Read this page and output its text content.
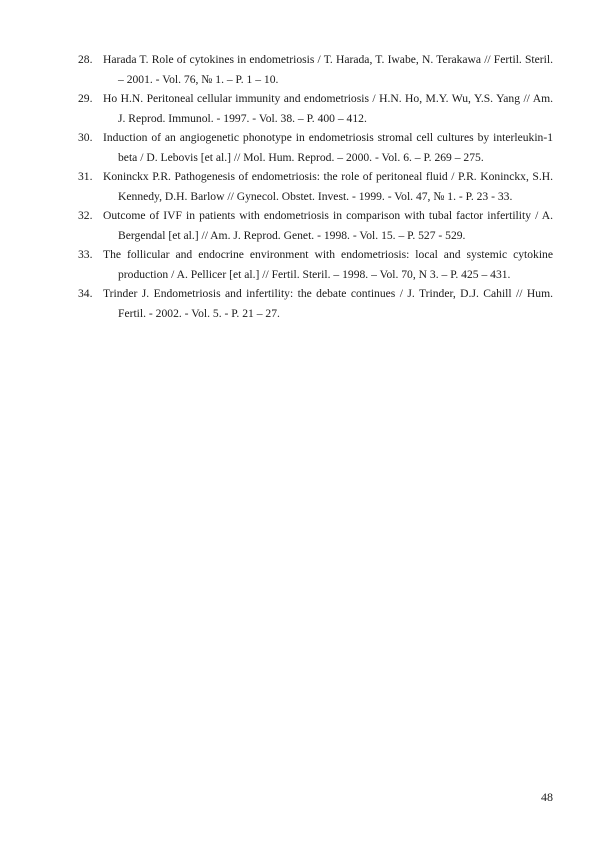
28. Harada T. Role of cytokines in endometriosis / T. Harada, T. Iwabe, N. Terakawa // Fertil. Steril. – 2001. - Vol. 76, № 1. – P. 1 – 10.
29. Ho H.N. Peritoneal cellular immunity and endometriosis / H.N. Ho, M.Y. Wu, Y.S. Yang // Am. J. Reprod. Immunol. - 1997. - Vol. 38. – P. 400 – 412.
30. Induction of an angiogenetic phonotype in endometriosis stromal cell cultures by interleukin-1 beta / D. Lebovis [et al.] // Mol. Hum. Reprod. – 2000. - Vol. 6. – P. 269 – 275.
31. Koninckx P.R. Pathogenesis of endometriosis: the role of peritoneal fluid / P.R. Koninckx, S.H. Kennedy, D.H. Barlow // Gynecol. Obstet. Invest. - 1999. - Vol. 47, № 1. - P. 23 - 33.
32. Outcome of IVF in patients with endometriosis in comparison with tubal factor infertility / A. Bergendal [et al.] // Am. J. Reprod. Genet. - 1998. - Vol. 15. – P. 527 - 529.
33. The follicular and endocrine environment with endometriosis: local and systemic cytokine production / A. Pellicer [et al.] // Fertil. Steril. – 1998. – Vol. 70, N 3. – P. 425 – 431.
34. Trinder J. Endometriosis and infertility: the debate continues / J. Trinder, D.J. Cahill // Hum. Fertil. - 2002. - Vol. 5. - P. 21 – 27.
48
